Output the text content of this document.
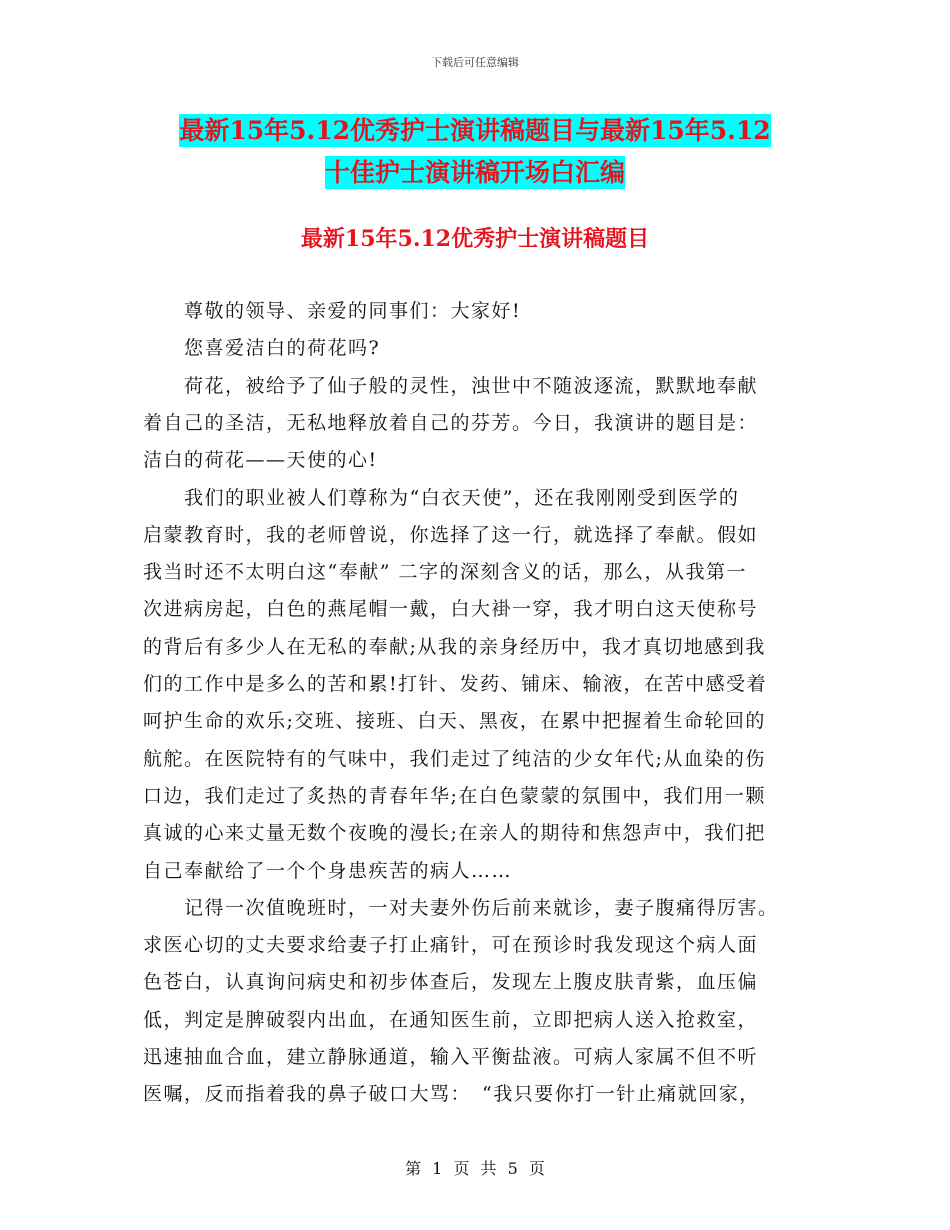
下载后可任意编辑
最新15年5.12优秀护士演讲稿题目与最新15年5.12
十佳护士演讲稿开场白汇编
最新15年5.12优秀护士演讲稿题目
　　尊敬的领导、亲爱的同事们：大家好!
　　您喜爱洁白的荷花吗?
　　荷花，被给予了仙子般的灵性，浊世中不随波逐流，默默地奉献
着自己的圣洁，无私地释放着自己的芬芳。今日，我演讲的题目是：
洁白的荷花——天使的心!
　　我们的职业被人们尊称为“白衣天使”，还在我刚刚受到医学的
启蒙教育时，我的老师曾说，你选择了这一行，就选择了奉献。假如
我当时还不太明白这“奉献” 二字的深刻含义的话，那么，从我第一
次进病房起，白色的燕尾帽一戴，白大褂一穿，我才明白这天使称号
的背后有多少人在无私的奉献;从我的亲身经历中，我才真切地感到我
们的工作中是多么的苦和累!打针、发药、铺床、输液，在苦中感受着
呵护生命的欢乐;交班、接班、白天、黑夜，在累中把握着生命轮回的
航舵。在医院特有的气味中，我们走过了纯洁的少女年代;从血染的伤
口边，我们走过了炙热的青春年华;在白色蒙蒙的氛围中，我们用一颗
真诚的心来丈量无数个夜晚的漫长;在亲人的期待和焦怨声中，我们把
自己奉献给了一个个身患疾苦的病人……
　　记得一次值晚班时，一对夫妻外伤后前来就诊，妻子腹痛得厉害。
求医心切的丈夫要求给妻子打止痛针，可在预诊时我发现这个病人面
色苍白，认真询问病史和初步体查后，发现左上腹皮肤青紫，血压偏
低，判定是脾破裂内出血，在通知医生前，立即把病人送入抢救室，
迅速抽血合血，建立静脉通道，输入平衡盐液。可病人家属不但不听
医嘱，反而指着我的鼻子破口大骂：　“我只要你打一针止痛就回家，
第 1 页 共 5 页
